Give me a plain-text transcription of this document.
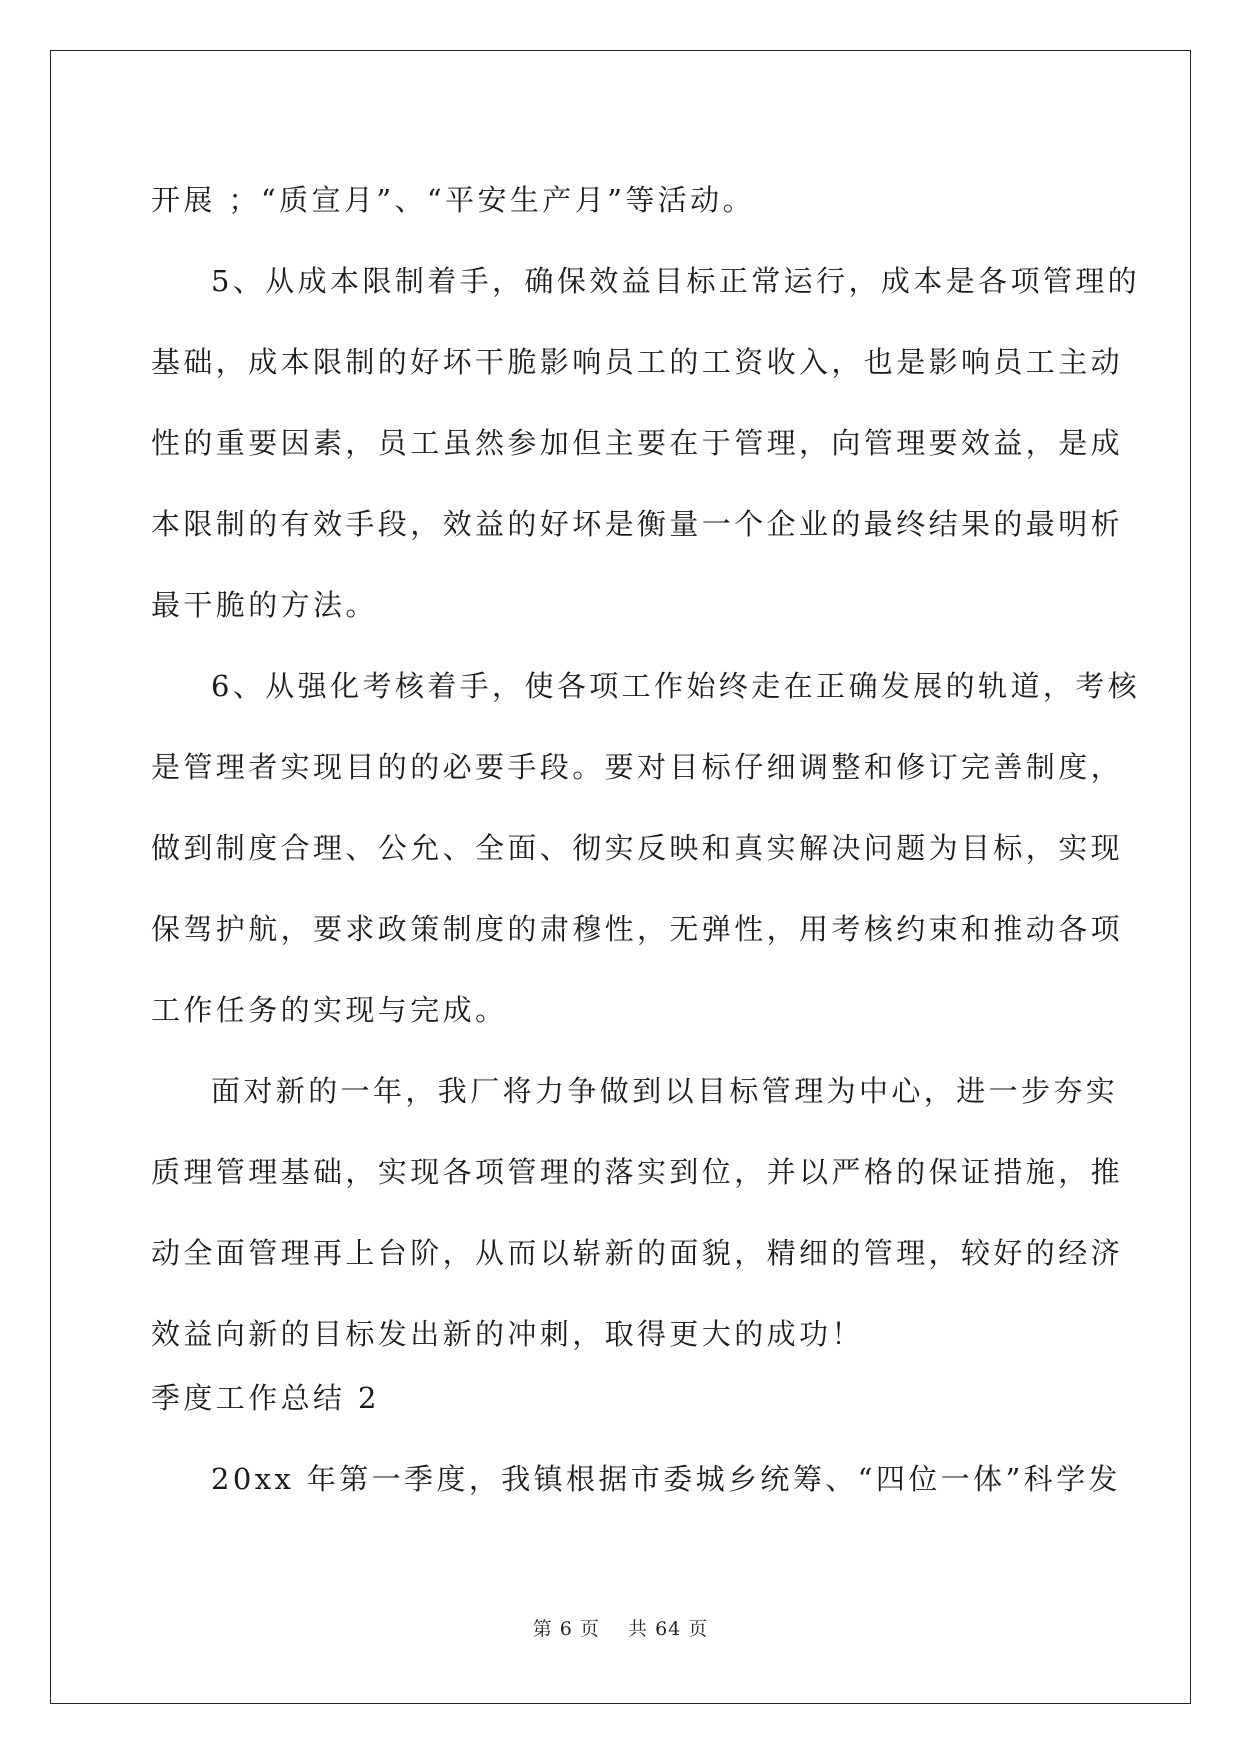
开展 ；“质宣月”、“平安生产月”等活动。
5、从成本限制着手，确保效益目标正常运行，成本是各项管理的
基础，成本限制的好坏干脆影响员工的工资收入，也是影响员工主动
性的重要因素，员工虽然参加但主要在于管理，向管理要效益，是成
本限制的有效手段，效益的好坏是衡量一个企业的最终结果的最明析
最干脆的方法。
6、从强化考核着手，使各项工作始终走在正确发展的轨道，考核
是管理者实现目的的必要手段。要对目标仔细调整和修订完善制度，
做到制度合理、公允、全面、彻实反映和真实解决问题为目标，实现
保驾护航，要求政策制度的肃穆性，无弹性，用考核约束和推动各项
工作任务的实现与完成。
面对新的一年，我厂将力争做到以目标管理为中心，进一步夯实
质理管理基础，实现各项管理的落实到位，并以严格的保证措施，推
动全面管理再上台阶，从而以崭新的面貌，精细的管理，较好的经济
效益向新的目标发出新的冲刺，取得更大的成功！
季度工作总结 2
20xx 年第一季度，我镇根据市委城乡统筹、“四位一体”科学发
第 6 页    共 64 页
